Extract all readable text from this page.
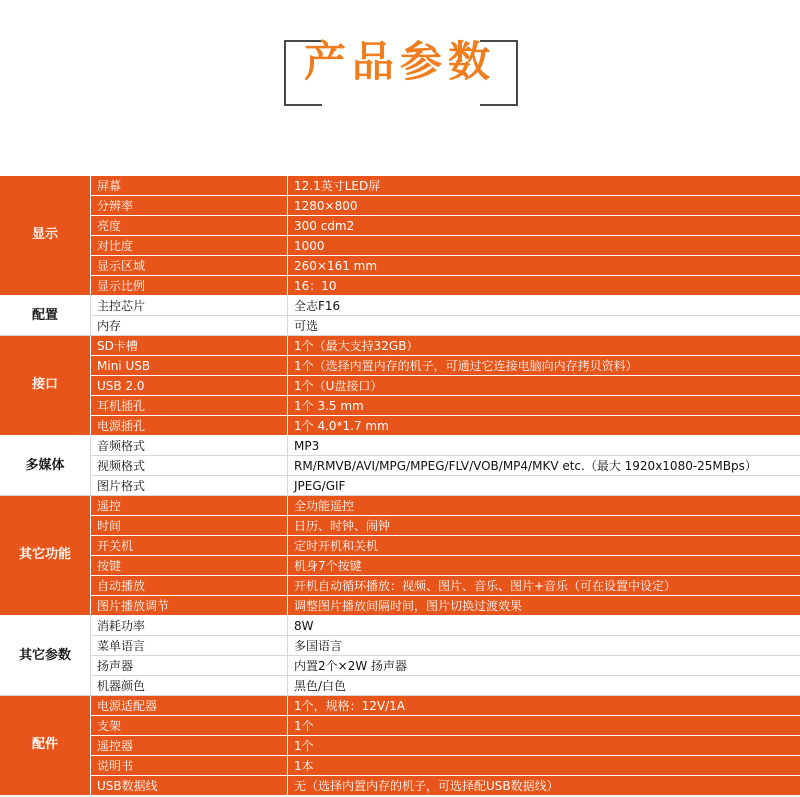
产品参数
显示	屏幕	12.1英寸LED屏
	分辨率	1280×800
	亮度	300 cdm2
	对比度	1000
	显示区域	260×161 mm
	显示比例	16：10
配置	主控芯片	全志F16
	内存	可选
接口	SD卡槽	1个（最大支持32GB）
	Mini USB	1个（选择内置内存的机子，可通过它连接电脑向内存拷贝资料）
	USB 2.0	1个（U盘接口）
	耳机插孔	1个 3.5 mm
	电源插孔	1个 4.0*1.7 mm
多媒体	音频格式	MP3
	视频格式	RM/RMVB/AVI/MPG/MPEG/FLV/VOB/MP4/MKV etc.（最大 1920x1080-25MBps）
	图片格式	JPEG/GIF
其它功能	遥控	全功能遥控
	时间	日历、时钟、闹钟
	开关机	定时开机和关机
	按键	机身7个按键
	自动播放	开机自动循环播放：视频、图片、音乐、图片+音乐（可在设置中设定）
	图片播放调节	调整图片播放间隔时间，图片切换过渡效果
其它参数	消耗功率	8W
	菜单语言	多国语言
	扬声器	内置2个×2W 扬声器
	机器颜色	黑色/白色
配件	电源适配器	1个，规格：12V/1A
	支架	1个
	遥控器	1个
	说明书	1本
	USB数据线	无（选择内置内存的机子，可选择配USB数据线）
